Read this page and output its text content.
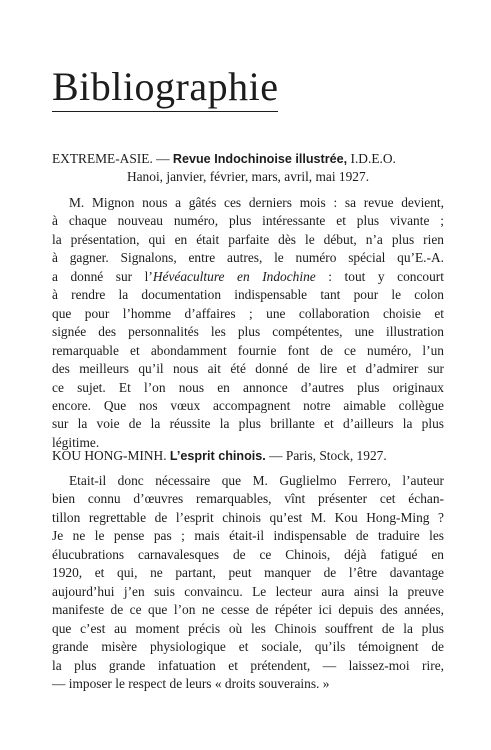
Bibliographie
EXTREME-ASIE. — Revue Indochinoise illustrée, I.D.E.O.
Hanoi, janvier, février, mars, avril, mai 1927.
M. Mignon nous a gâtés ces derniers mois : sa revue devient,
à chaque nouveau numéro, plus intéressante et plus vivante ;
la présentation, qui en était parfaite dès le début, n’a plus rien
à gagner. Signalons, entre autres, le numéro spécial qu’E.-A.
a donné sur l’Hévéaculture en Indochine : tout y concourt
à rendre la documentation indispensable tant pour le colon
que pour l’homme d’affaires ; une collaboration choisie et
signée des personnalités les plus compétentes, une illustration
remarquable et abondamment fournie font de ce numéro, l’un
des meilleurs qu’il nous ait été donné de lire et d’admirer sur
ce sujet. Et l’on nous en annonce d’autres plus originaux
encore. Que nos vœux accompagnent notre aimable collègue
sur la voie de la réussite la plus brillante et d’ailleurs la plus
légitime.
KOU HONG-MINH. L’esprit chinois. — Paris, Stock, 1927.
Etait-il donc nécessaire que M. Guglielmo Ferrero, l’auteur
bien connu d’œuvres remarquables, vînt présenter cet échan-
tillon regrettable de l’esprit chinois qu’est M. Kou Hong-Ming ?
Je ne le pense pas ; mais était-il indispensable de traduire les
élucubrations carnavalesques de ce Chinois, déjà fatigué en
1920, et qui, ne partant, peut manquer de l’être davantage
aujourd’hui j’en suis convaincu. Le lecteur aura ainsi la preuve
manifeste de ce que l’on ne cesse de répéter ici depuis des années,
que c’est au moment précis où les Chinois souffrent de la plus
grande misère physiologique et sociale, qu’ils témoignent de
la plus grande infatuation et prétendent, — laissez-moi rire,
— imposer le respect de leurs « droits souverains. »
